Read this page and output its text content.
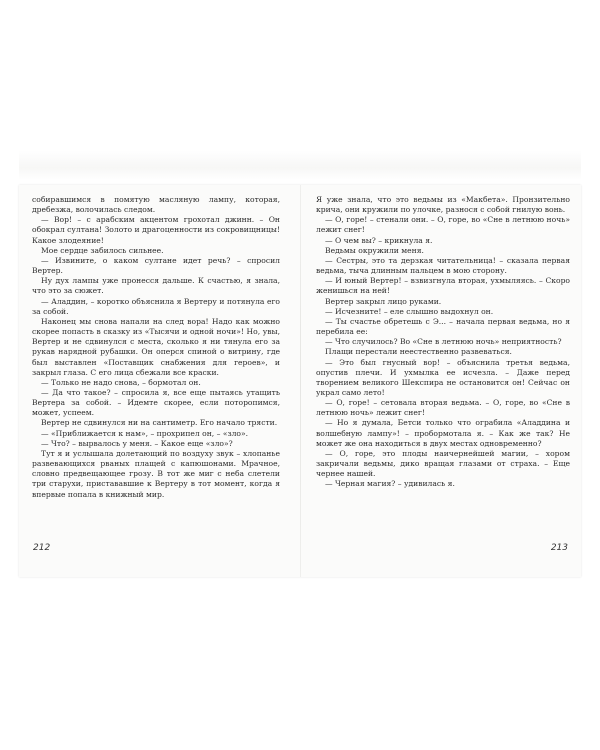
собиравшимся в помятую масляную лампу, которая, дребезжа, волочилась следом.

— Вор! – с арабским акцентом грохотал джинн. – Он обокрал султана! Золото и драгоценности из сокровищницы! Какое злодеяние!

Мое сердце забилось сильнее.

— Извините, о каком султане идет речь? – спросил Вертер.

Ну дух лампы уже пронесся дальше. К счастью, я знала, что это за сюжет.

— Аладдин, – коротко объяснила я Вертеру и потянула его за собой.

Наконец мы снова напали на след вора! Надо как можно скорее попасть в сказку из «Тысячи и одной ночи»! Но, увы, Вертер и не сдвинулся с места, сколько я ни тянула его за рукав нарядной рубашки. Он оперся спиной о витрину, где был выставлен «Поставщик снабжения для героев», и закрыл глаза. С его лица сбежали все краски.

— Только не надо снова, – бормотал он.

— Да что такое? – спросила я, все еще пытаясь утащить Вертера за собой. – Идемте скорее, если поторопимся, может, успеем.

Вертер не сдвинулся ни на сантиметр. Его начало трясти.

— «Приближается к нам», – прохрипел он, – «зло».

— Что? – вырвалось у меня. – Какое еще «зло»?

Тут я и услышала долетающий по воздуху звук – хлопанье развевающихся рваных плащей с капюшонами. Мрачное, словно предвещающее грозу. В тот же миг с неба слетели три старухи, пристававшие к Вертеру в тот момент, когда я впервые попала в книжный мир.

Я уже знала, что это ведьмы из «Макбета». Пронзительно крича, они кружили по улочке, разнося с собой гнилую вонь.

— О, горе! – стенали они. – О, горе, во «Сне в летнюю ночь» лежит снег!

— О чем вы? – крикнула я.

Ведьмы окружили меня.

— Сестры, это та дерзкая читательница! – сказала первая ведьма, тыча длинным пальцем в мою сторону.

— И юный Вертер! – взвизгнула вторая, ухмыляясь. – Скоро женишься на ней!

Вертер закрыл лицо руками.

— Исчезните! – еле слышно выдохнул он.

— Ты счастье обретешь с Э... – начала первая ведьма, но я перебила ее:

— Что случилось? Во «Сне в летнюю ночь» неприятность?

Плащи перестали неестественно развеваться.

— Это был гнусный вор! – объяснила третья ведьма, опустив плечи. И ухмылка ее исчезла. – Даже перед творением великого Шекспира не остановится он! Сейчас он украл само лето!

— О, горе! – сетовала вторая ведьма. – О, горе, во «Сне в летнюю ночь» лежит снег!

— Но я думала, Бетси только что ограбила «Аладдина и волшебную лампу»! – пробормотала я. – Как же так? Не может же она находиться в двух местах одновременно?

— О, горе, это плоды наичернейшей магии, – хором закричали ведьмы, дико вращая глазами от страха. – Еще чернее нашей.

— Черная магия? – удивилась я.

212	213
